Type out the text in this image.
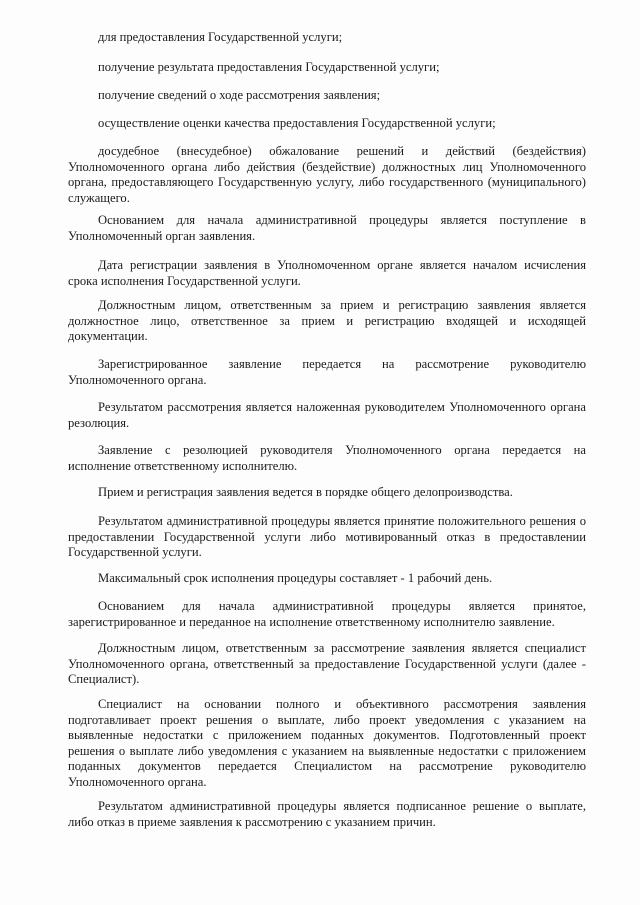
для предоставления Государственной услуги;

получение результата предоставления Государственной услуги;

получение сведений о ходе рассмотрения заявления;

осуществление оценки качества предоставления Государственной услуги;

досудебное (внесудебное) обжалование решений и действий (бездействия) Уполномоченного органа либо действия (бездействие) должностных лиц Уполномоченного органа, предоставляющего Государственную услугу, либо государственного (муниципального) служащего.

Основанием для начала административной процедуры является поступление в Уполномоченный орган заявления.

Дата регистрации заявления в Уполномоченном органе является началом исчисления срока исполнения Государственной услуги.

Должностным лицом, ответственным за прием и регистрацию заявления является должностное лицо, ответственное за прием и регистрацию входящей и исходящей документации.

Зарегистрированное заявление передается на рассмотрение руководителю Уполномоченного органа.

Результатом рассмотрения является наложенная руководителем Уполномоченного органа резолюция.

Заявление с резолюцией руководителя Уполномоченного органа передается на исполнение ответственному исполнителю.

Прием и регистрация заявления ведется в порядке общего делопроизводства.

Результатом административной процедуры является принятие положительного решения о предоставлении Государственной услуги либо мотивированный отказ в предоставлении Государственной услуги.

Максимальный срок исполнения процедуры составляет - 1 рабочий день.

Основанием для начала административной процедуры является принятое, зарегистрированное и переданное на исполнение ответственному исполнителю заявление.

Должностным лицом, ответственным за рассмотрение заявления является специалист Уполномоченного органа, ответственный за предоставление Государственной услуги (далее - Специалист).

Специалист на основании полного и объективного рассмотрения заявления подготавливает проект решения о выплате, либо проект уведомления с указанием на выявленные недостатки с приложением поданных документов. Подготовленный проект решения о выплате либо уведомления с указанием на выявленные недостатки с приложением поданных документов передается Специалистом на рассмотрение руководителю Уполномоченного органа.

Результатом административной процедуры является подписанное решение о выплате, либо отказ в приеме заявления к рассмотрению с указанием причин.
